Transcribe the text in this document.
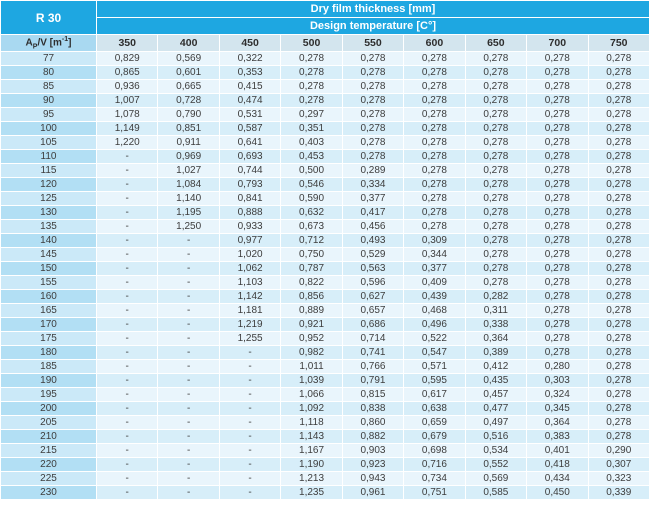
R 30	Dry film thickness [mm]								
	Design temperature [C°]								
$A_P/V$ $[m^{-1}]$	350	400	450	500	550	600	650	700	750
77	0,829	0,569	0,322	0,278	0,278	0,278	0,278	0,278	0,278
80	0,865	0,601	0,353	0,278	0,278	0,278	0,278	0,278	0,278
85	0,936	0,665	0,415	0,278	0,278	0,278	0,278	0,278	0,278
90	1,007	0,728	0,474	0,278	0,278	0,278	0,278	0,278	0,278
95	1,078	0,790	0,531	0,297	0,278	0,278	0,278	0,278	0,278
100	1,149	0,851	0,587	0,351	0,278	0,278	0,278	0,278	0,278
105	1,220	0,911	0,641	0,403	0,278	0,278	0,278	0,278	0,278
110	-	0,969	0,693	0,453	0,278	0,278	0,278	0,278	0,278
115	-	1,027	0,744	0,500	0,289	0,278	0,278	0,278	0,278
120	-	1,084	0,793	0,546	0,334	0,278	0,278	0,278	0,278
125	-	1,140	0,841	0,590	0,377	0,278	0,278	0,278	0,278
130	-	1,195	0,888	0,632	0,417	0,278	0,278	0,278	0,278
135	-	1,250	0,933	0,673	0,456	0,278	0,278	0,278	0,278
140	-	-	0,977	0,712	0,493	0,309	0,278	0,278	0,278
145	-	-	1,020	0,750	0,529	0,344	0,278	0,278	0,278
150	-	-	1,062	0,787	0,563	0,377	0,278	0,278	0,278
155	-	-	1,103	0,822	0,596	0,409	0,278	0,278	0,278
160	-	-	1,142	0,856	0,627	0,439	0,282	0,278	0,278
165	-	-	1,181	0,889	0,657	0,468	0,311	0,278	0,278
170	-	-	1,219	0,921	0,686	0,496	0,338	0,278	0,278
175	-	-	1,255	0,952	0,714	0,522	0,364	0,278	0,278
180	-	-	-	0,982	0,741	0,547	0,389	0,278	0,278
185	-	-	-	1,011	0,766	0,571	0,412	0,280	0,278
190	-	-	-	1,039	0,791	0,595	0,435	0,303	0,278
195	-	-	-	1,066	0,815	0,617	0,457	0,324	0,278
200	-	-	-	1,092	0,838	0,638	0,477	0,345	0,278
205	-	-	-	1,118	0,860	0,659	0,497	0,364	0,278
210	-	-	-	1,143	0,882	0,679	0,516	0,383	0,278
215	-	-	-	1,167	0,903	0,698	0,534	0,401	0,290
220	-	-	-	1,190	0,923	0,716	0,552	0,418	0,307
225	-	-	-	1,213	0,943	0,734	0,569	0,434	0,323
230	-	-	-	1,235	0,961	0,751	0,585	0,450	0,339
